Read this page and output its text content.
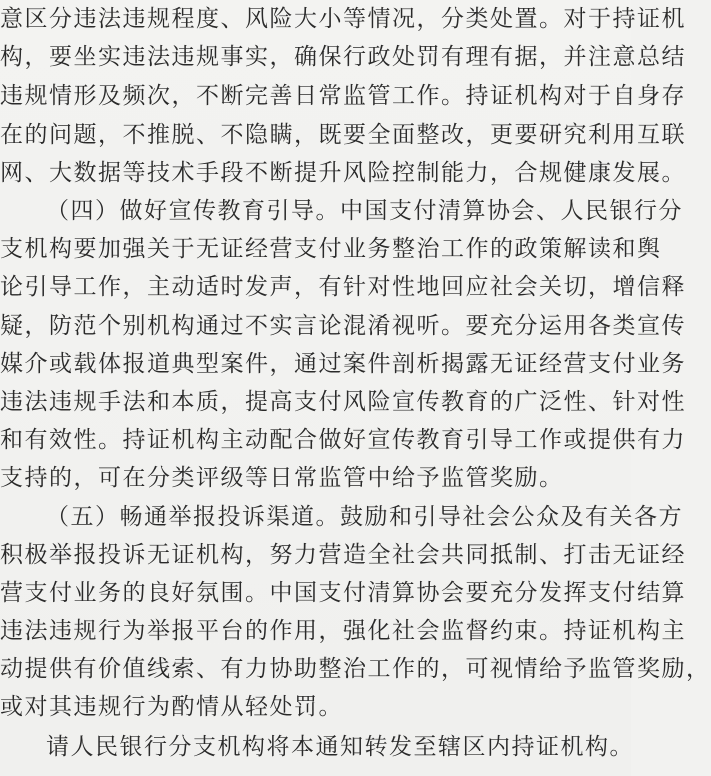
意区分违法违规程度、风险大小等情况，分类处置。对于持证机
构，要坐实违法违规事实，确保行政处罚有理有据，并注意总结
违规情形及频次，不断完善日常监管工作。持证机构对于自身存
在的问题，不推脱、不隐瞒，既要全面整改，更要研究利用互联
网、大数据等技术手段不断提升风险控制能力，合规健康发展。
（四）做好宣传教育引导。中国支付清算协会、人民银行分
支机构要加强关于无证经营支付业务整治工作的政策解读和舆
论引导工作，主动适时发声，有针对性地回应社会关切，增信释
疑，防范个别机构通过不实言论混淆视听。要充分运用各类宣传
媒介或载体报道典型案件，通过案件剖析揭露无证经营支付业务
违法违规手法和本质，提高支付风险宣传教育的广泛性、针对性
和有效性。持证机构主动配合做好宣传教育引导工作或提供有力
支持的，可在分类评级等日常监管中给予监管奖励。
（五）畅通举报投诉渠道。鼓励和引导社会公众及有关各方
积极举报投诉无证机构，努力营造全社会共同抵制、打击无证经
营支付业务的良好氛围。中国支付清算协会要充分发挥支付结算
违法违规行为举报平台的作用，强化社会监督约束。持证机构主
动提供有价值线索、有力协助整治工作的，可视情给予监管奖励，
或对其违规行为酌情从轻处罚。
请人民银行分支机构将本通知转发至辖区内持证机构。
